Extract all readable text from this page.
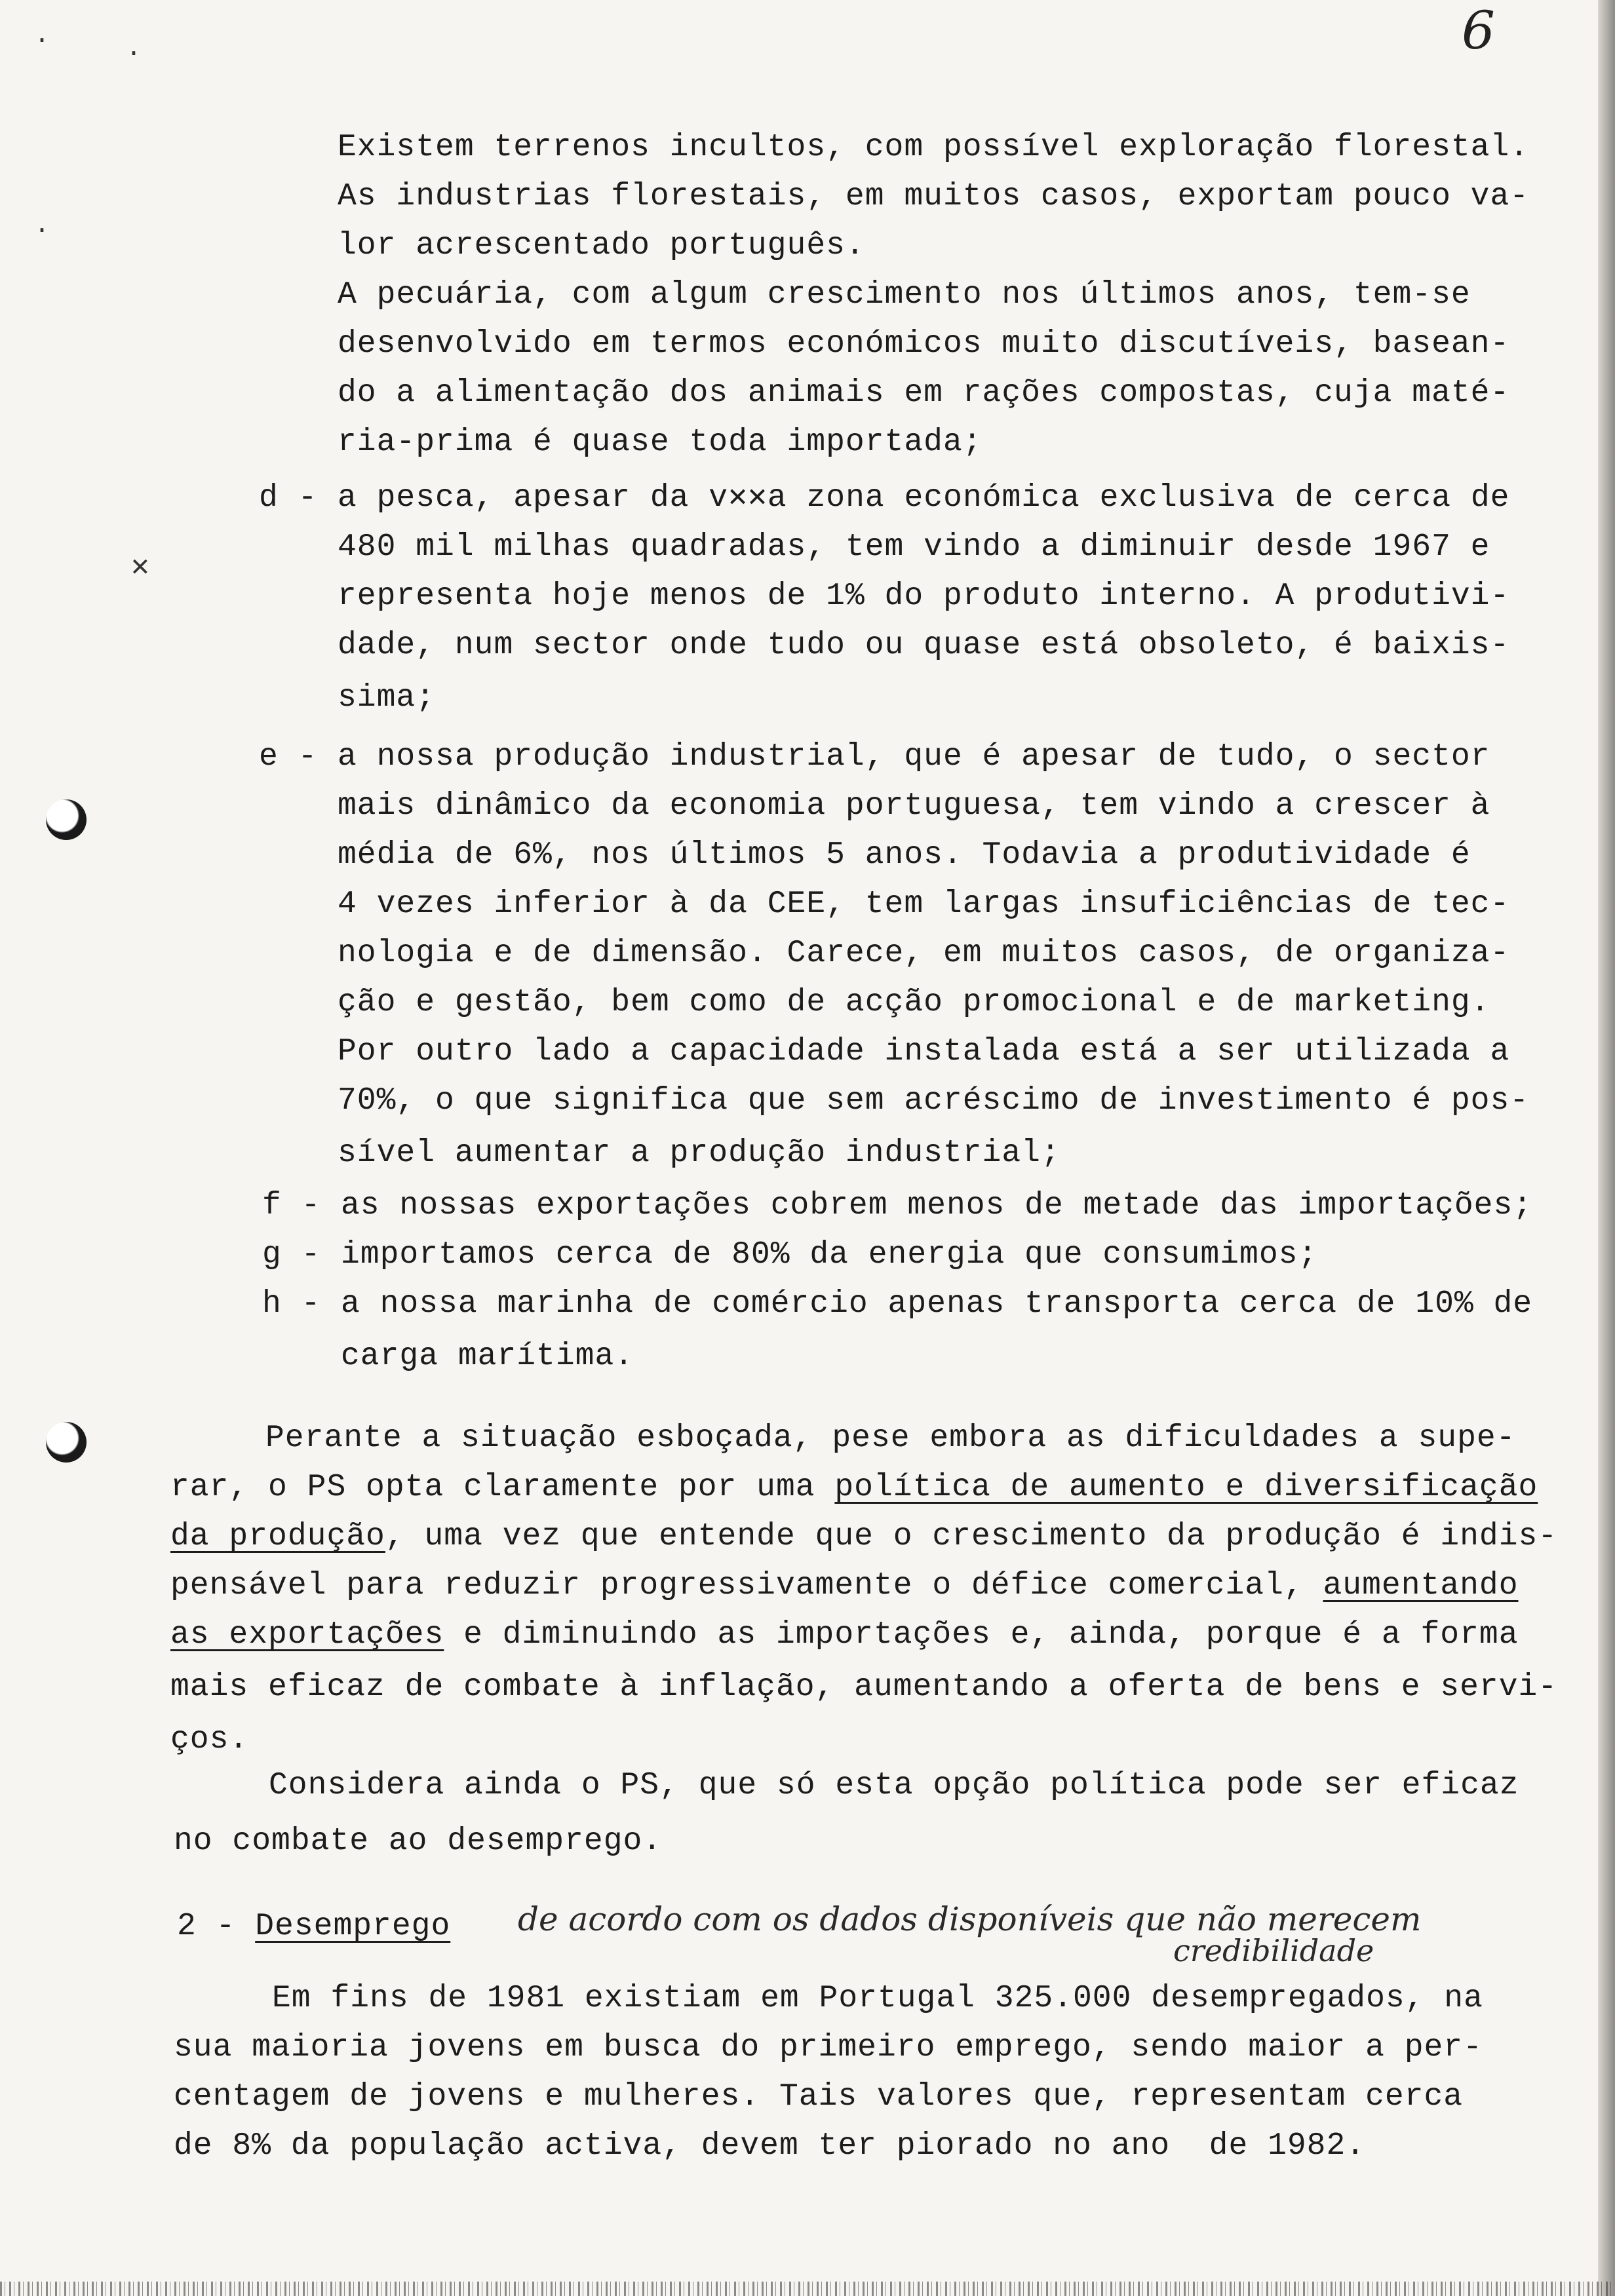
6
·
·
·
✕
Existem terrenos incultos, com possível exploração florestal.
As industrias florestais, em muitos casos, exportam pouco va-
lor acrescentado português.
A pecuária, com algum crescimento nos últimos anos, tem-se
desenvolvido em termos económicos muito discutíveis, basean-
do a alimentação dos animais em rações compostas, cuja maté-
ria-prima é quase toda importada;
d - a pesca, apesar da v✕✕a zona económica exclusiva de cerca de
480 mil milhas quadradas, tem vindo a diminuir desde 1967 e
representa hoje menos de 1% do produto interno. A produtivi-
dade, num sector onde tudo ou quase está obsoleto, é baixis-
sima;
e - a nossa produção industrial, que é apesar de tudo, o sector
mais dinâmico da economia portuguesa, tem vindo a crescer à
média de 6%, nos últimos 5 anos. Todavia a produtividade é
4 vezes inferior à da CEE, tem largas insuficiências de tec-
nologia e de dimensão. Carece, em muitos casos, de organiza-
ção e gestão, bem como de acção promocional e de marketing.
Por outro lado a capacidade instalada está a ser utilizada a
70%, o que significa que sem acréscimo de investimento é pos-
sível aumentar a produção industrial;
f - as nossas exportações cobrem menos de metade das importações;
g - importamos cerca de 80% da energia que consumimos;
h - a nossa marinha de comércio apenas transporta cerca de 10% de
carga marítima.
Perante a situação esboçada, pese embora as dificuldades a supe-
rar, o PS opta claramente por uma política de aumento e diversificação
da produção, uma vez que entende que o crescimento da produção é indis-
pensável para reduzir progressivamente o défice comercial, aumentando
as exportações e diminuindo as importações e, ainda, porque é a forma
mais eficaz de combate à inflação, aumentando a oferta de bens e servi-
ços.
Considera ainda o PS, que só esta opção política pode ser eficaz
no combate ao desemprego.
2 - Desemprego de acordo com os dados disponíveis que não merecem
credibilidade
Em fins de 1981 existiam em Portugal 325.000 desempregados, na
sua maioria jovens em busca do primeiro emprego, sendo maior a per-
centagem de jovens e mulheres. Tais valores que, representam cerca
de 8% da população activa, devem ter piorado no ano  de 1982.
